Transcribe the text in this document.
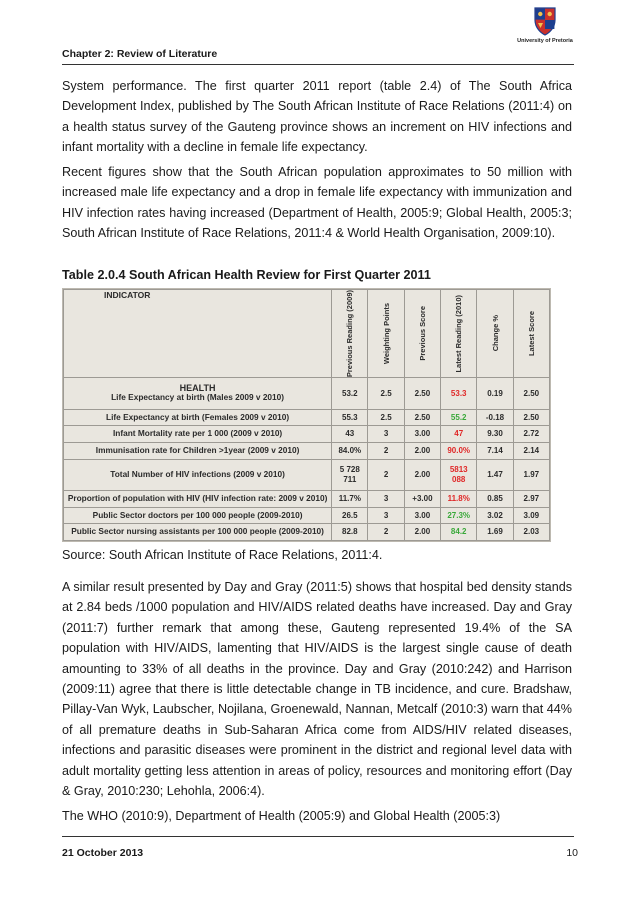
Chapter 2: Review of Literature
University of Pretoria

System performance. The first quarter 2011 report (table 2.4) of The South Africa Development Index, published by The South African Institute of Race Relations (2011:4) on a health status survey of the Gauteng province shows an increment on HIV infections and infant mortality with a decline in female life expectancy.

Recent figures show that the South African population approximates to 50 million with increased male life expectancy and a drop in female life expectancy with immunization and HIV infection rates having increased (Department of Health, 2005:9; Global Health, 2005:3; South African Institute of Race Relations, 2011:4 & World Health Organisation, 2009:10).

Table 2.0.4 South African Health Review for First Quarter 2011
INDICATOR	Previous Reading (2009)	Weighting Points	Previous Score	Latest Reading (2010)	Change %	Latest Score

HEALTH
Life Expectancy at birth (Males 2009 v 2010)	53.2	2.5	2.50	53.3	0.19	2.50

Life Expectancy at birth (Females 2009 v 2010)	55.3	2.5	2.50	55.2	-0.18	2.50

Infant Mortality rate per 1 000 (2009 v 2010)	43	3	3.00	47	9.30	2.72

Immunisation rate for Children >1year (2009 v 2010)	84.0%	2	2.00	90.0%	7.14	2.14

Total Number of HIV infections (2009 v 2010)	5 728 711	2	2.00	5813 088	1.47	1.97

Proportion of population with HIV (HIV infection rate: 2009 v 2010)	11.7%	3	+3.00	11.8%	0.85	2.97

Public Sector doctors per 100 000 people (2009-2010)	26.5	3	3.00	27.3%	3.02	3.09

Public Sector nursing assistants per 100 000 people (2009-2010)	82.8	2	2.00	84.2	1.69	2.03
Source: South African Institute of Race Relations, 2011:4.

A similar result presented by Day and Gray (2011:5) shows that hospital bed density stands at 2.84 beds /1000 population and HIV/AIDS related deaths have increased. Day and Gray (2011:7) further remark that among these, Gauteng represented 19.4% of the SA population with HIV/AIDS, lamenting that HIV/AIDS is the largest single cause of death amounting to 33% of all deaths in the province. Day and Gray (2010:242) and Harrison (2009:11) agree that there is little detectable change in TB incidence, and cure. Bradshaw, Pillay-Van Wyk, Laubscher, Nojilana, Groenewald, Nannan, Metcalf (2010:3) warn that 44% of all premature deaths in Sub-Saharan Africa come from AIDS/HIV related diseases, infections and parasitic diseases were prominent in the district and regional level data with adult mortality getting less attention in areas of policy, resources and monitoring effort (Day & Gray, 2010:230; Lehohla, 2006:4).

The WHO (2010:9), Department of Health (2005:9) and Global Health (2005:3)

21 October 2013	10
